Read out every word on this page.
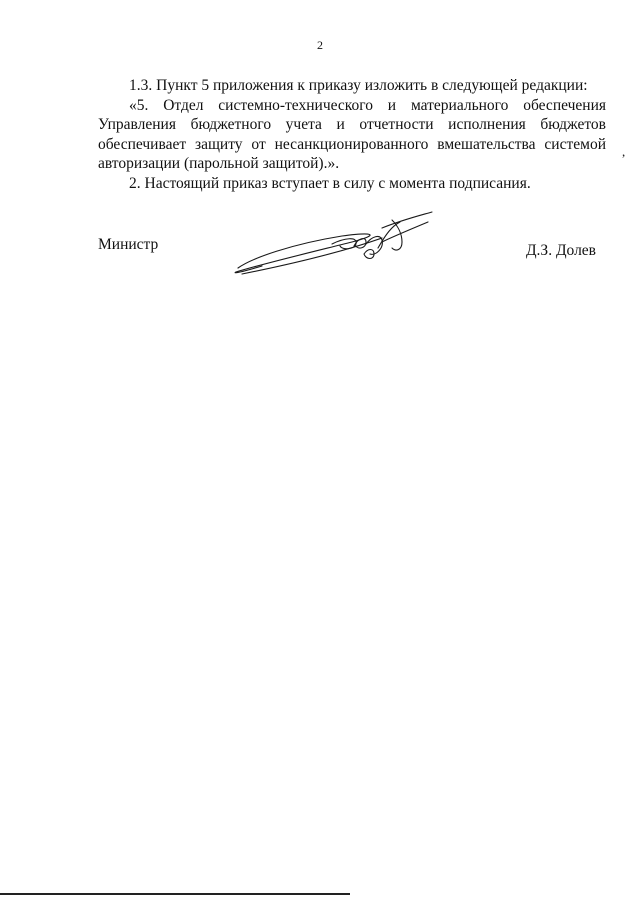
2

1.3. Пункт 5 приложения к приказу изложить в следующей редакции:

«5. Отдел системно-технического и материального обеспечения
Управления бюджетного учета и отчетности исполнения бюджетов
обеспечивает защиту от несанкционированного вмешательства системой
авторизации (парольной защитой).».

2. Настоящий приказ вступает в силу с момента подписания.

Министр	Д.З. Долев
,
